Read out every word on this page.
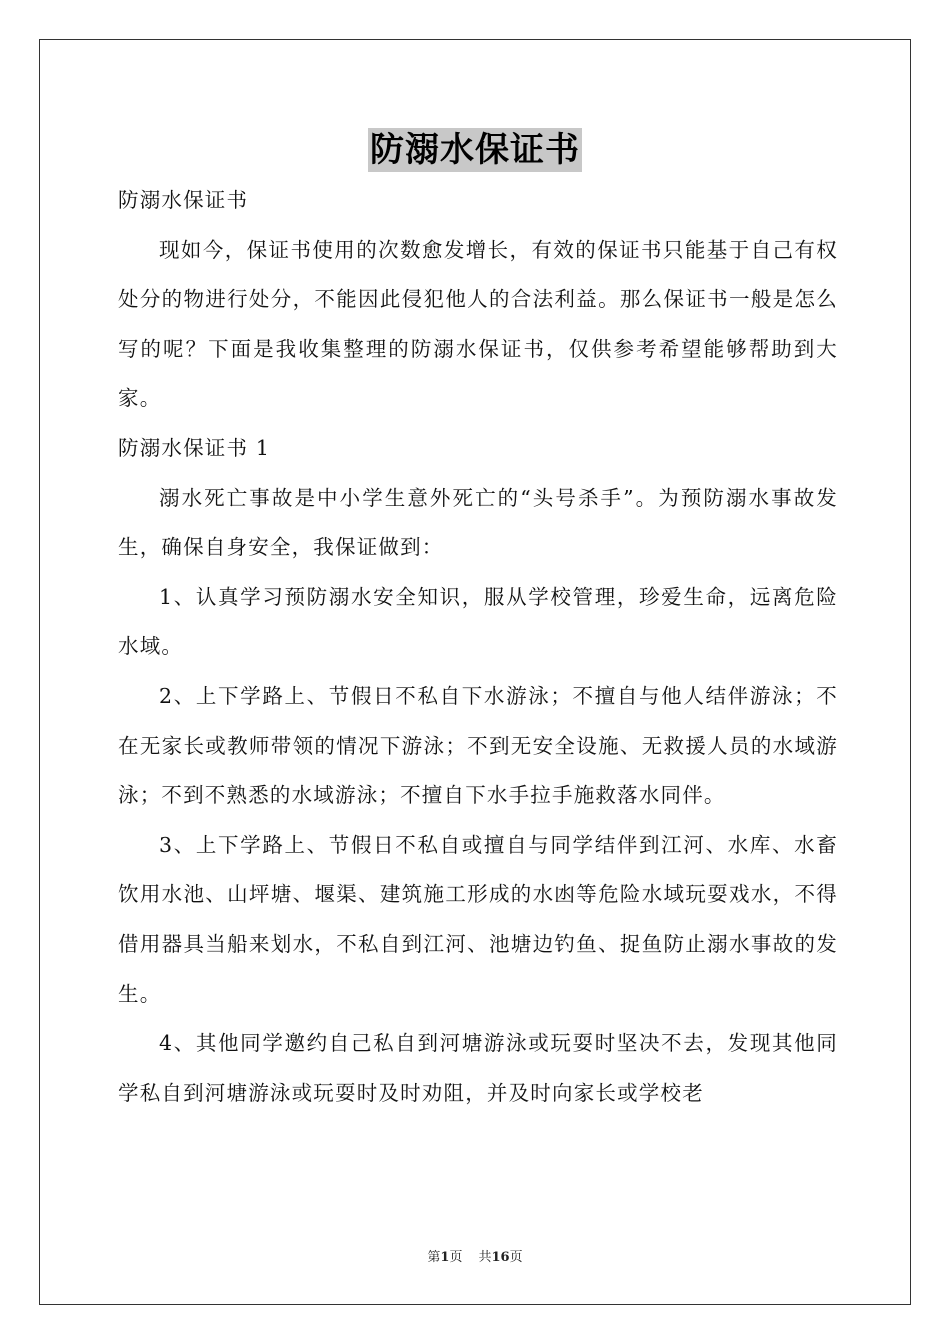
防溺水保证书

防溺水保证书

现如今，保证书使用的次数愈发增长，有效的保证书只能基于自己有权处分的物进行处分，不能因此侵犯他人的合法利益。那么保证书一般是怎么写的呢？下面是我收集整理的防溺水保证书，仅供参考希望能够帮助到大家。

防溺水保证书 1

溺水死亡事故是中小学生意外死亡的“头号杀手”。为预防溺水事故发生，确保自身安全，我保证做到：

1、认真学习预防溺水安全知识，服从学校管理，珍爱生命，远离危险水域。

2、上下学路上、节假日不私自下水游泳；不擅自与他人结伴游泳；不在无家长或教师带领的情况下游泳；不到无安全设施、无救援人员的水域游泳；不到不熟悉的水域游泳；不擅自下水手拉手施救落水同伴。

3、上下学路上、节假日不私自或擅自与同学结伴到江河、水库、水畜饮用水池、山坪塘、堰渠、建筑施工形成的水凼等危险水域玩耍戏水，不得借用器具当船来划水，不私自到江河、池塘边钓鱼、捉鱼防止溺水事故的发生。

4、其他同学邀约自己私自到河塘游泳或玩耍时坚决不去，发现其他同学私自到河塘游泳或玩耍时及时劝阻，并及时向家长或学校老

第1页 共16页
